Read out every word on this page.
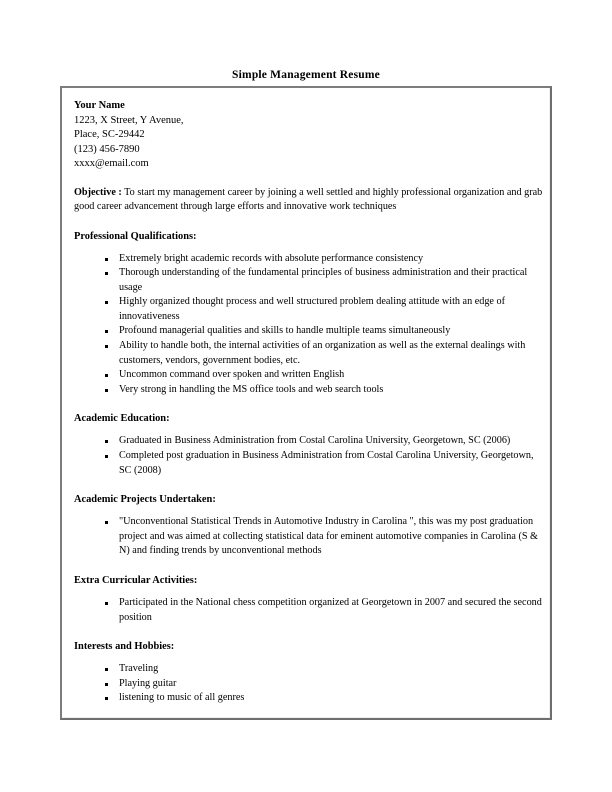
Simple Management Resume
Your Name
1223, X Street, Y Avenue,
Place, SC-29442
(123) 456-7890
xxxx@email.com
Objective : To start my management career by joining a well settled and highly professional organization and grab good career advancement through large efforts and innovative work techniques
Professional Qualifications:
Extremely bright academic records with absolute performance consistency
Thorough understanding of the fundamental principles of business administration and their practical usage
Highly organized thought process and well structured problem dealing attitude with an edge of innovativeness
Profound managerial qualities and skills to handle multiple teams simultaneously
Ability to handle both, the internal activities of an organization as well as the external dealings with customers, vendors, government bodies, etc.
Uncommon command over spoken and written English
Very strong in handling the MS office tools and web search tools
Academic Education:
Graduated in Business Administration from Costal Carolina University, Georgetown, SC (2006)
Completed post graduation in Business Administration from Costal Carolina University, Georgetown, SC (2008)
Academic Projects Undertaken:
"Unconventional Statistical Trends in Automotive Industry in Carolina ", this was my post graduation project and was aimed at collecting statistical data for eminent automotive companies in Carolina (S & N) and finding trends by unconventional methods
Extra Curricular Activities:
Participated in the National chess competition organized at Georgetown in 2007 and secured the second position
Interests and Hobbies:
Traveling
Playing guitar
listening to music of all genres
